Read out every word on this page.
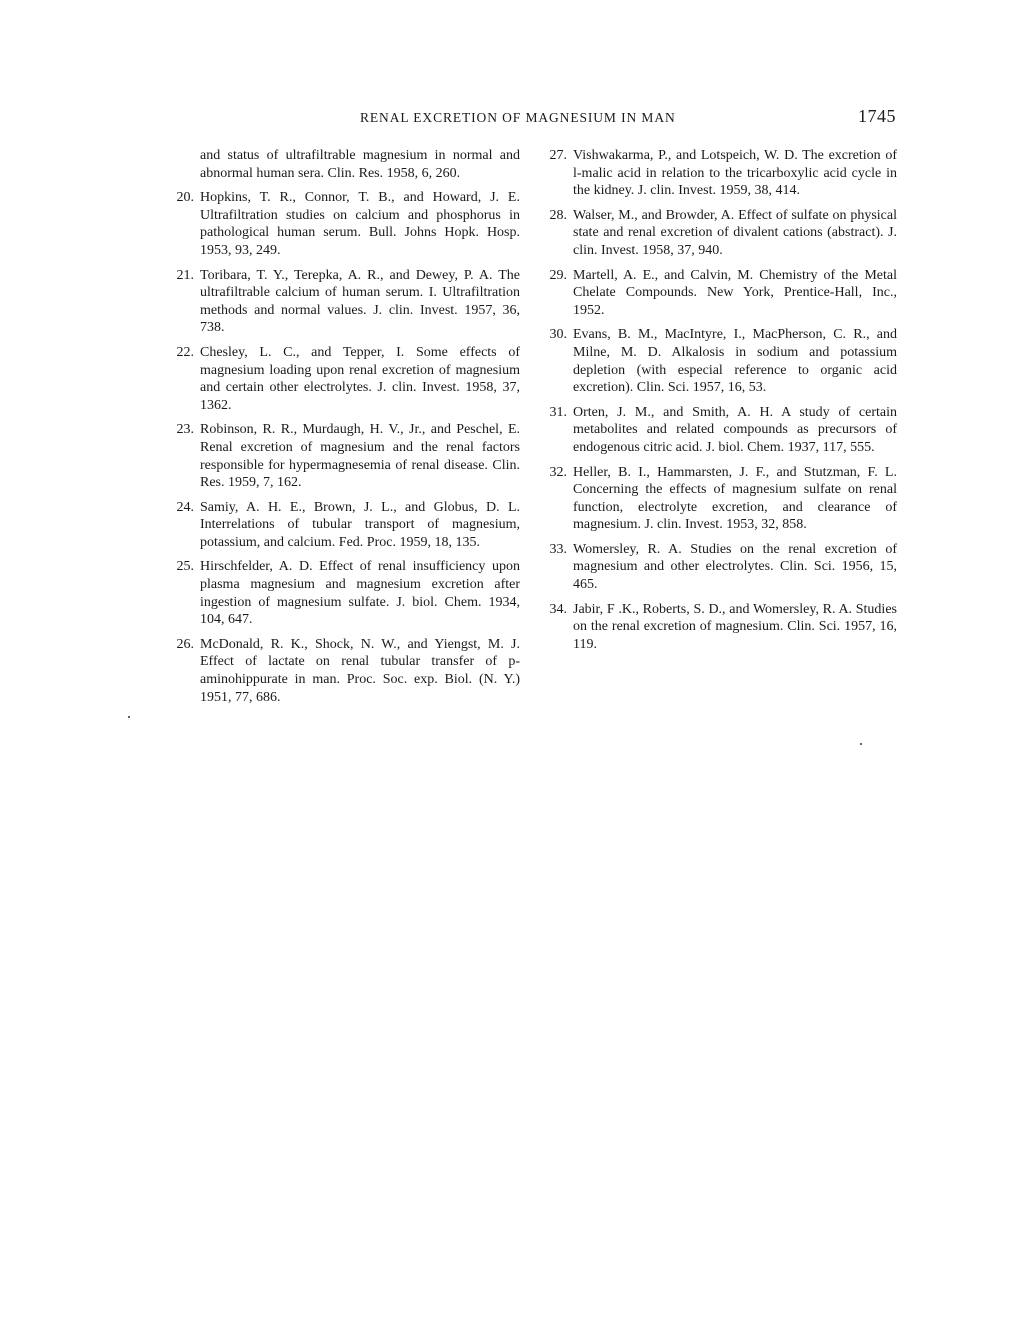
RENAL EXCRETION OF MAGNESIUM IN MAN	1745
and status of ultrafiltrable magnesium in normal and abnormal human sera. Clin. Res. 1958, 6, 260.
20. Hopkins, T. R., Connor, T. B., and Howard, J. E. Ultrafiltration studies on calcium and phosphorus in pathological human serum. Bull. Johns Hopk. Hosp. 1953, 93, 249.
21. Toribara, T. Y., Terepka, A. R., and Dewey, P. A. The ultrafiltrable calcium of human serum. I. Ultrafiltration methods and normal values. J. clin. Invest. 1957, 36, 738.
22. Chesley, L. C., and Tepper, I. Some effects of magnesium loading upon renal excretion of magnesium and certain other electrolytes. J. clin. Invest. 1958, 37, 1362.
23. Robinson, R. R., Murdaugh, H. V., Jr., and Peschel, E. Renal excretion of magnesium and the renal factors responsible for hypermagnesemia of renal disease. Clin. Res. 1959, 7, 162.
24. Samiy, A. H. E., Brown, J. L., and Globus, D. L. Interrelations of tubular transport of magnesium, potassium, and calcium. Fed. Proc. 1959, 18, 135.
25. Hirschfelder, A. D. Effect of renal insufficiency upon plasma magnesium and magnesium excretion after ingestion of magnesium sulfate. J. biol. Chem. 1934, 104, 647.
26. McDonald, R. K., Shock, N. W., and Yiengst, M. J. Effect of lactate on renal tubular transfer of p-aminohippurate in man. Proc. Soc. exp. Biol. (N. Y.) 1951, 77, 686.
27. Vishwakarma, P., and Lotspeich, W. D. The excretion of l-malic acid in relation to the tricarboxylic acid cycle in the kidney. J. clin. Invest. 1959, 38, 414.
28. Walser, M., and Browder, A. Effect of sulfate on physical state and renal excretion of divalent cations (abstract). J. clin. Invest. 1958, 37, 940.
29. Martell, A. E., and Calvin, M. Chemistry of the Metal Chelate Compounds. New York, Prentice-Hall, Inc., 1952.
30. Evans, B. M., MacIntyre, I., MacPherson, C. R., and Milne, M. D. Alkalosis in sodium and potassium depletion (with especial reference to organic acid excretion). Clin. Sci. 1957, 16, 53.
31. Orten, J. M., and Smith, A. H. A study of certain metabolites and related compounds as precursors of endogenous citric acid. J. biol. Chem. 1937, 117, 555.
32. Heller, B. I., Hammarsten, J. F., and Stutzman, F. L. Concerning the effects of magnesium sulfate on renal function, electrolyte excretion, and clearance of magnesium. J. clin. Invest. 1953, 32, 858.
33. Womersley, R. A. Studies on the renal excretion of magnesium and other electrolytes. Clin. Sci. 1956, 15, 465.
34. Jabir, F .K., Roberts, S. D., and Womersley, R. A. Studies on the renal excretion of magnesium. Clin. Sci. 1957, 16, 119.
